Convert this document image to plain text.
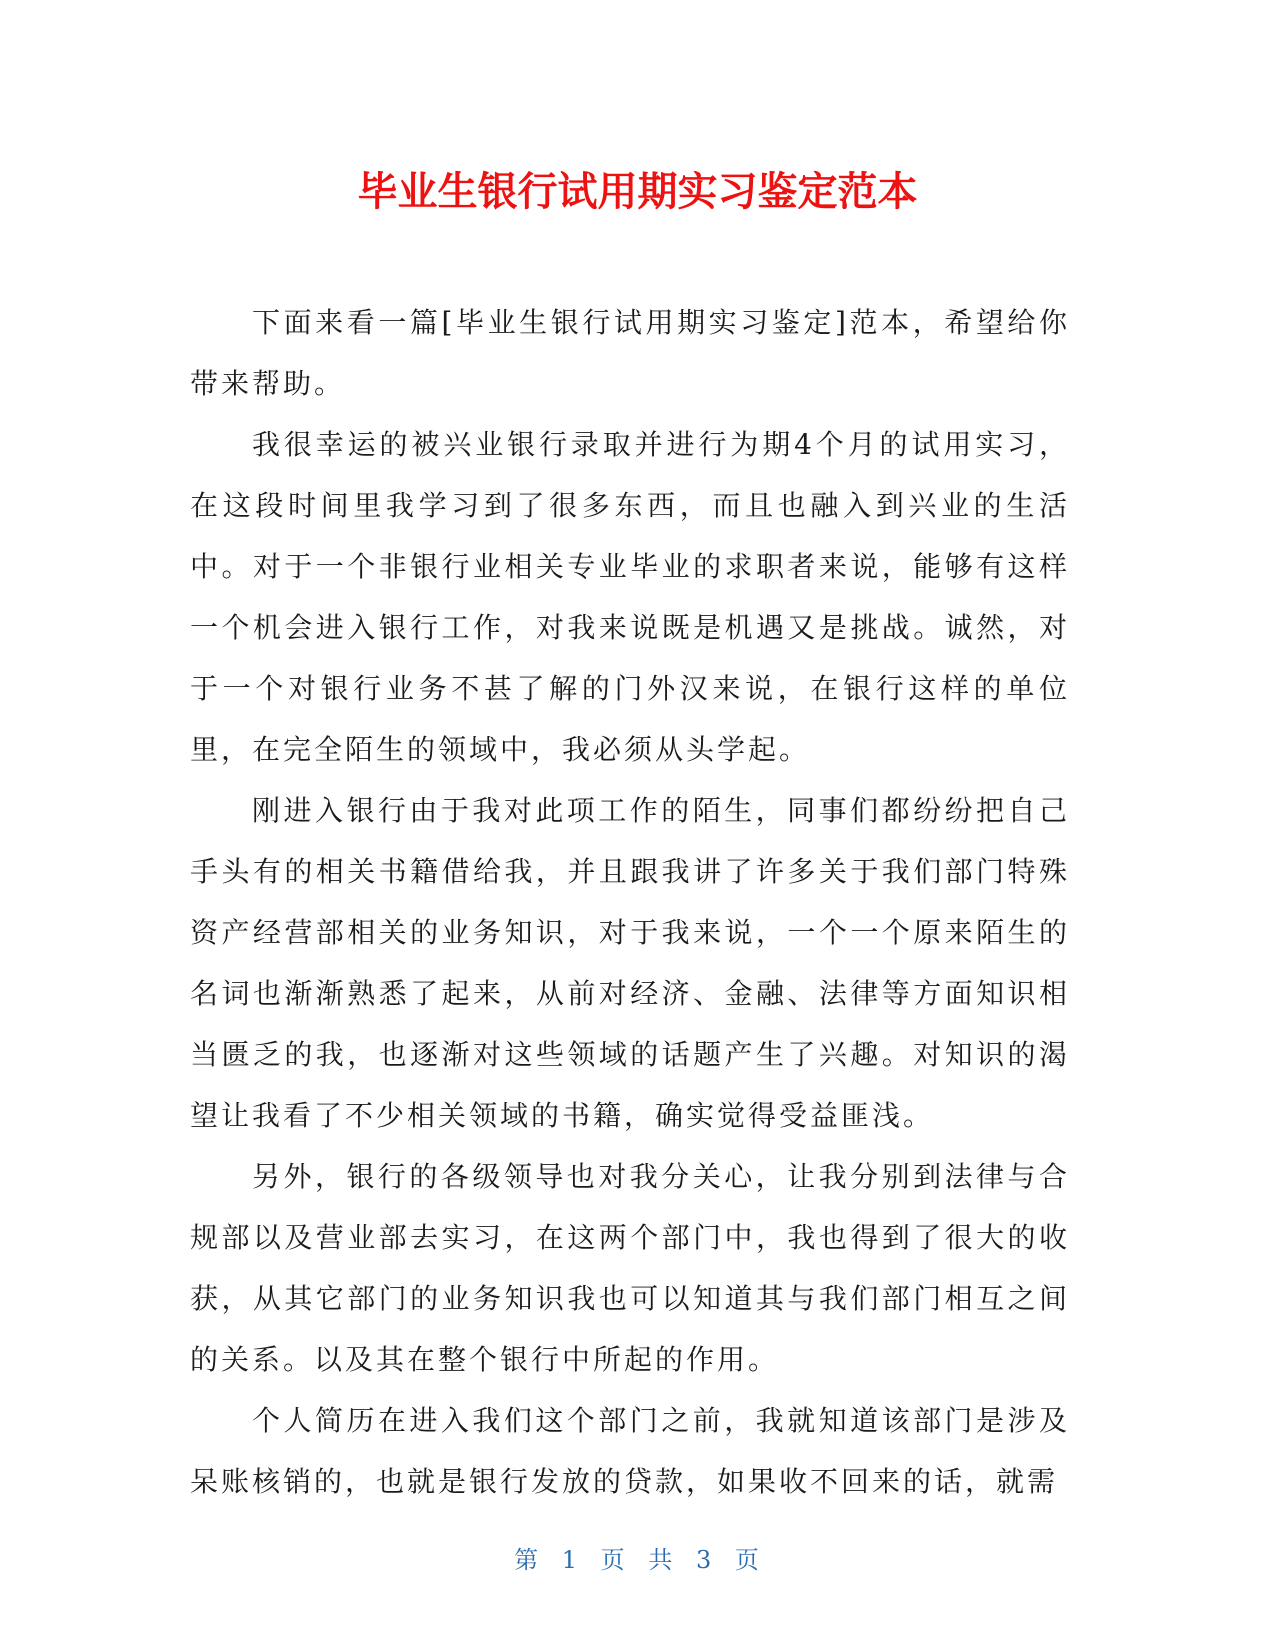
毕业生银行试用期实习鉴定范本

下面来看一篇[毕业生银行试用期实习鉴定]范本，希望给你带来帮助。

我很幸运的被兴业银行录取并进行为期4个月的试用实习，在这段时间里我学习到了很多东西，而且也融入到兴业的生活中。对于一个非银行业相关专业毕业的求职者来说，能够有这样一个机会进入银行工作，对我来说既是机遇又是挑战。诚然，对于一个对银行业务不甚了解的门外汉来说，在银行这样的单位里，在完全陌生的领域中，我必须从头学起。

刚进入银行由于我对此项工作的陌生，同事们都纷纷把自己手头有的相关书籍借给我，并且跟我讲了许多关于我们部门特殊资产经营部相关的业务知识，对于我来说，一个一个原来陌生的名词也渐渐熟悉了起来，从前对经济、金融、法律等方面知识相当匮乏的我，也逐渐对这些领域的话题产生了兴趣。对知识的渴望让我看了不少相关领域的书籍，确实觉得受益匪浅。

另外，银行的各级领导也对我分关心，让我分别到法律与合规部以及营业部去实习，在这两个部门中，我也得到了很大的收获，从其它部门的业务知识我也可以知道其与我们部门相互之间的关系。以及其在整个银行中所起的作用。

个人简历在进入我们这个部门之前，我就知道该部门是涉及呆账核销的，也就是银行发放的贷款，如果收不回来的话，就需

第 1 页 共 3 页
